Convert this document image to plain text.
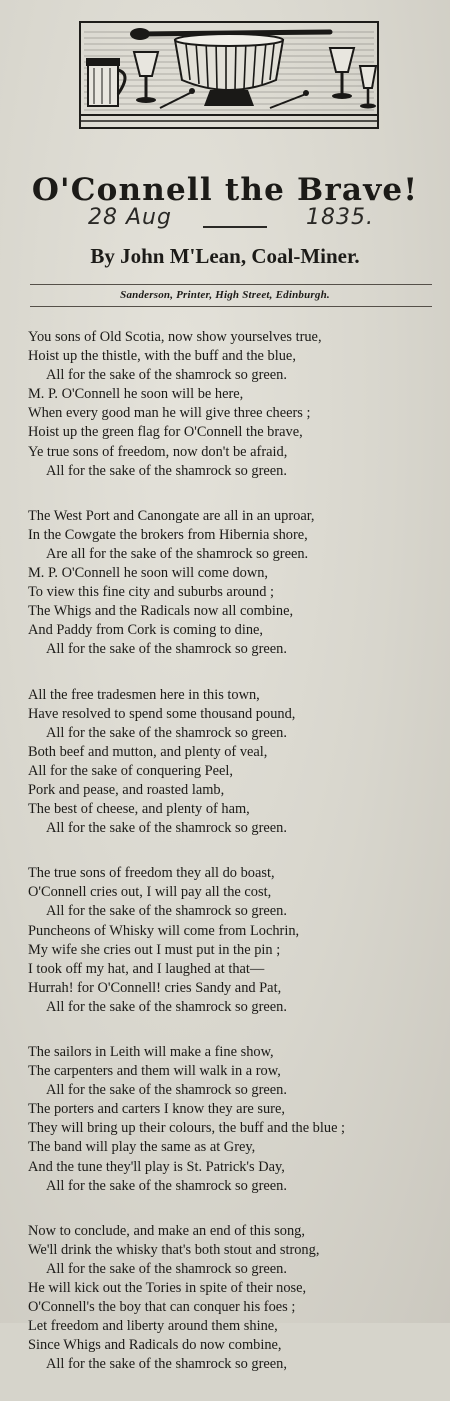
O'Connell the Brave!
28 Aug	1835.
By John M'Lean, Coal-Miner.
Sanderson, Printer, High Street, Edinburgh.
You sons of Old Scotia, now show yourselves true,
Hoist up the thistle, with the buff and the blue,
All for the sake of the shamrock so green.
M. P. O'Connell he soon will be here,
When every good man he will give three cheers ;
Hoist up the green flag for O'Connell the brave,
Ye true sons of freedom, now don't be afraid,
All for the sake of the shamrock so green.
The West Port and Canongate are all in an uproar,
In the Cowgate the brokers from Hibernia shore,
Are all for the sake of the shamrock so green.
M. P. O'Connell he soon will come down,
To view this fine city and suburbs around ;
The Whigs and the Radicals now all combine,
And Paddy from Cork is coming to dine,
All for the sake of the shamrock so green.
All the free tradesmen here in this town,
Have resolved to spend some thousand pound,
All for the sake of the shamrock so green.
Both beef and mutton, and plenty of veal,
All for the sake of conquering Peel,
Pork and pease, and roasted lamb,
The best of cheese, and plenty of ham,
All for the sake of the shamrock so green.
The true sons of freedom they all do boast,
O'Connell cries out, I will pay all the cost,
All for the sake of the shamrock so green.
Puncheons of Whisky will come from Lochrin,
My wife she cries out I must put in the pin ;
I took off my hat, and I laughed at that—
Hurrah! for O'Connell! cries Sandy and Pat,
All for the sake of the shamrock so green.
The sailors in Leith will make a fine show,
The carpenters and them will walk in a row,
All for the sake of the shamrock so green.
The porters and carters I know they are sure,
They will bring up their colours, the buff and the blue ;
The band will play the same as at Grey,
And the tune they'll play is St. Patrick's Day,
All for the sake of the shamrock so green.
Now to conclude, and make an end of this song,
We'll drink the whisky that's both stout and strong,
All for the sake of the shamrock so green.
He will kick out the Tories in spite of their nose,
O'Connell's the boy that can conquer his foes ;
Let freedom and liberty around them shine,
Since Whigs and Radicals do now combine,
All for the sake of the shamrock so green,
